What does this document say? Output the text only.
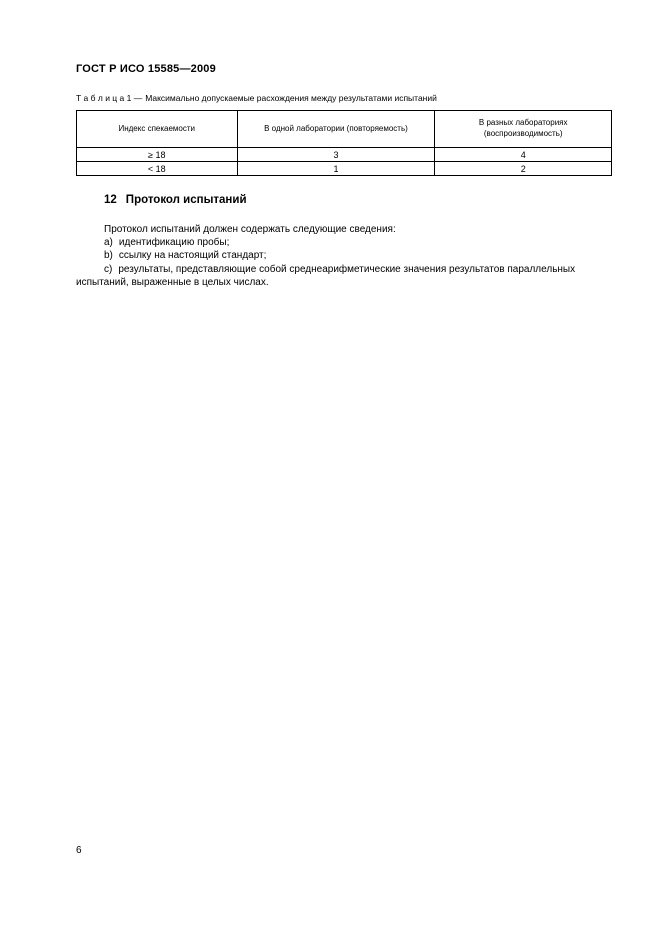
ГОСТ Р ИСО 15585—2009
Т а б л и ц а 1 — Максимально допускаемые расхождения между результатами испытаний
Индекс спекаемости	В одной лаборатории (повторяемость)	В разных лабораториях (воспроизводимость)
≥ 18	3	4
< 18	1	2
12 Протокол испытаний

Протокол испытаний должен содержать следующие сведения:

a) идентификацию пробы;

b) ссылку на настоящий стандарт;

c) результаты, представляющие собой среднеарифметические значения результатов параллельных испытаний, выраженные в целых числах.

6
